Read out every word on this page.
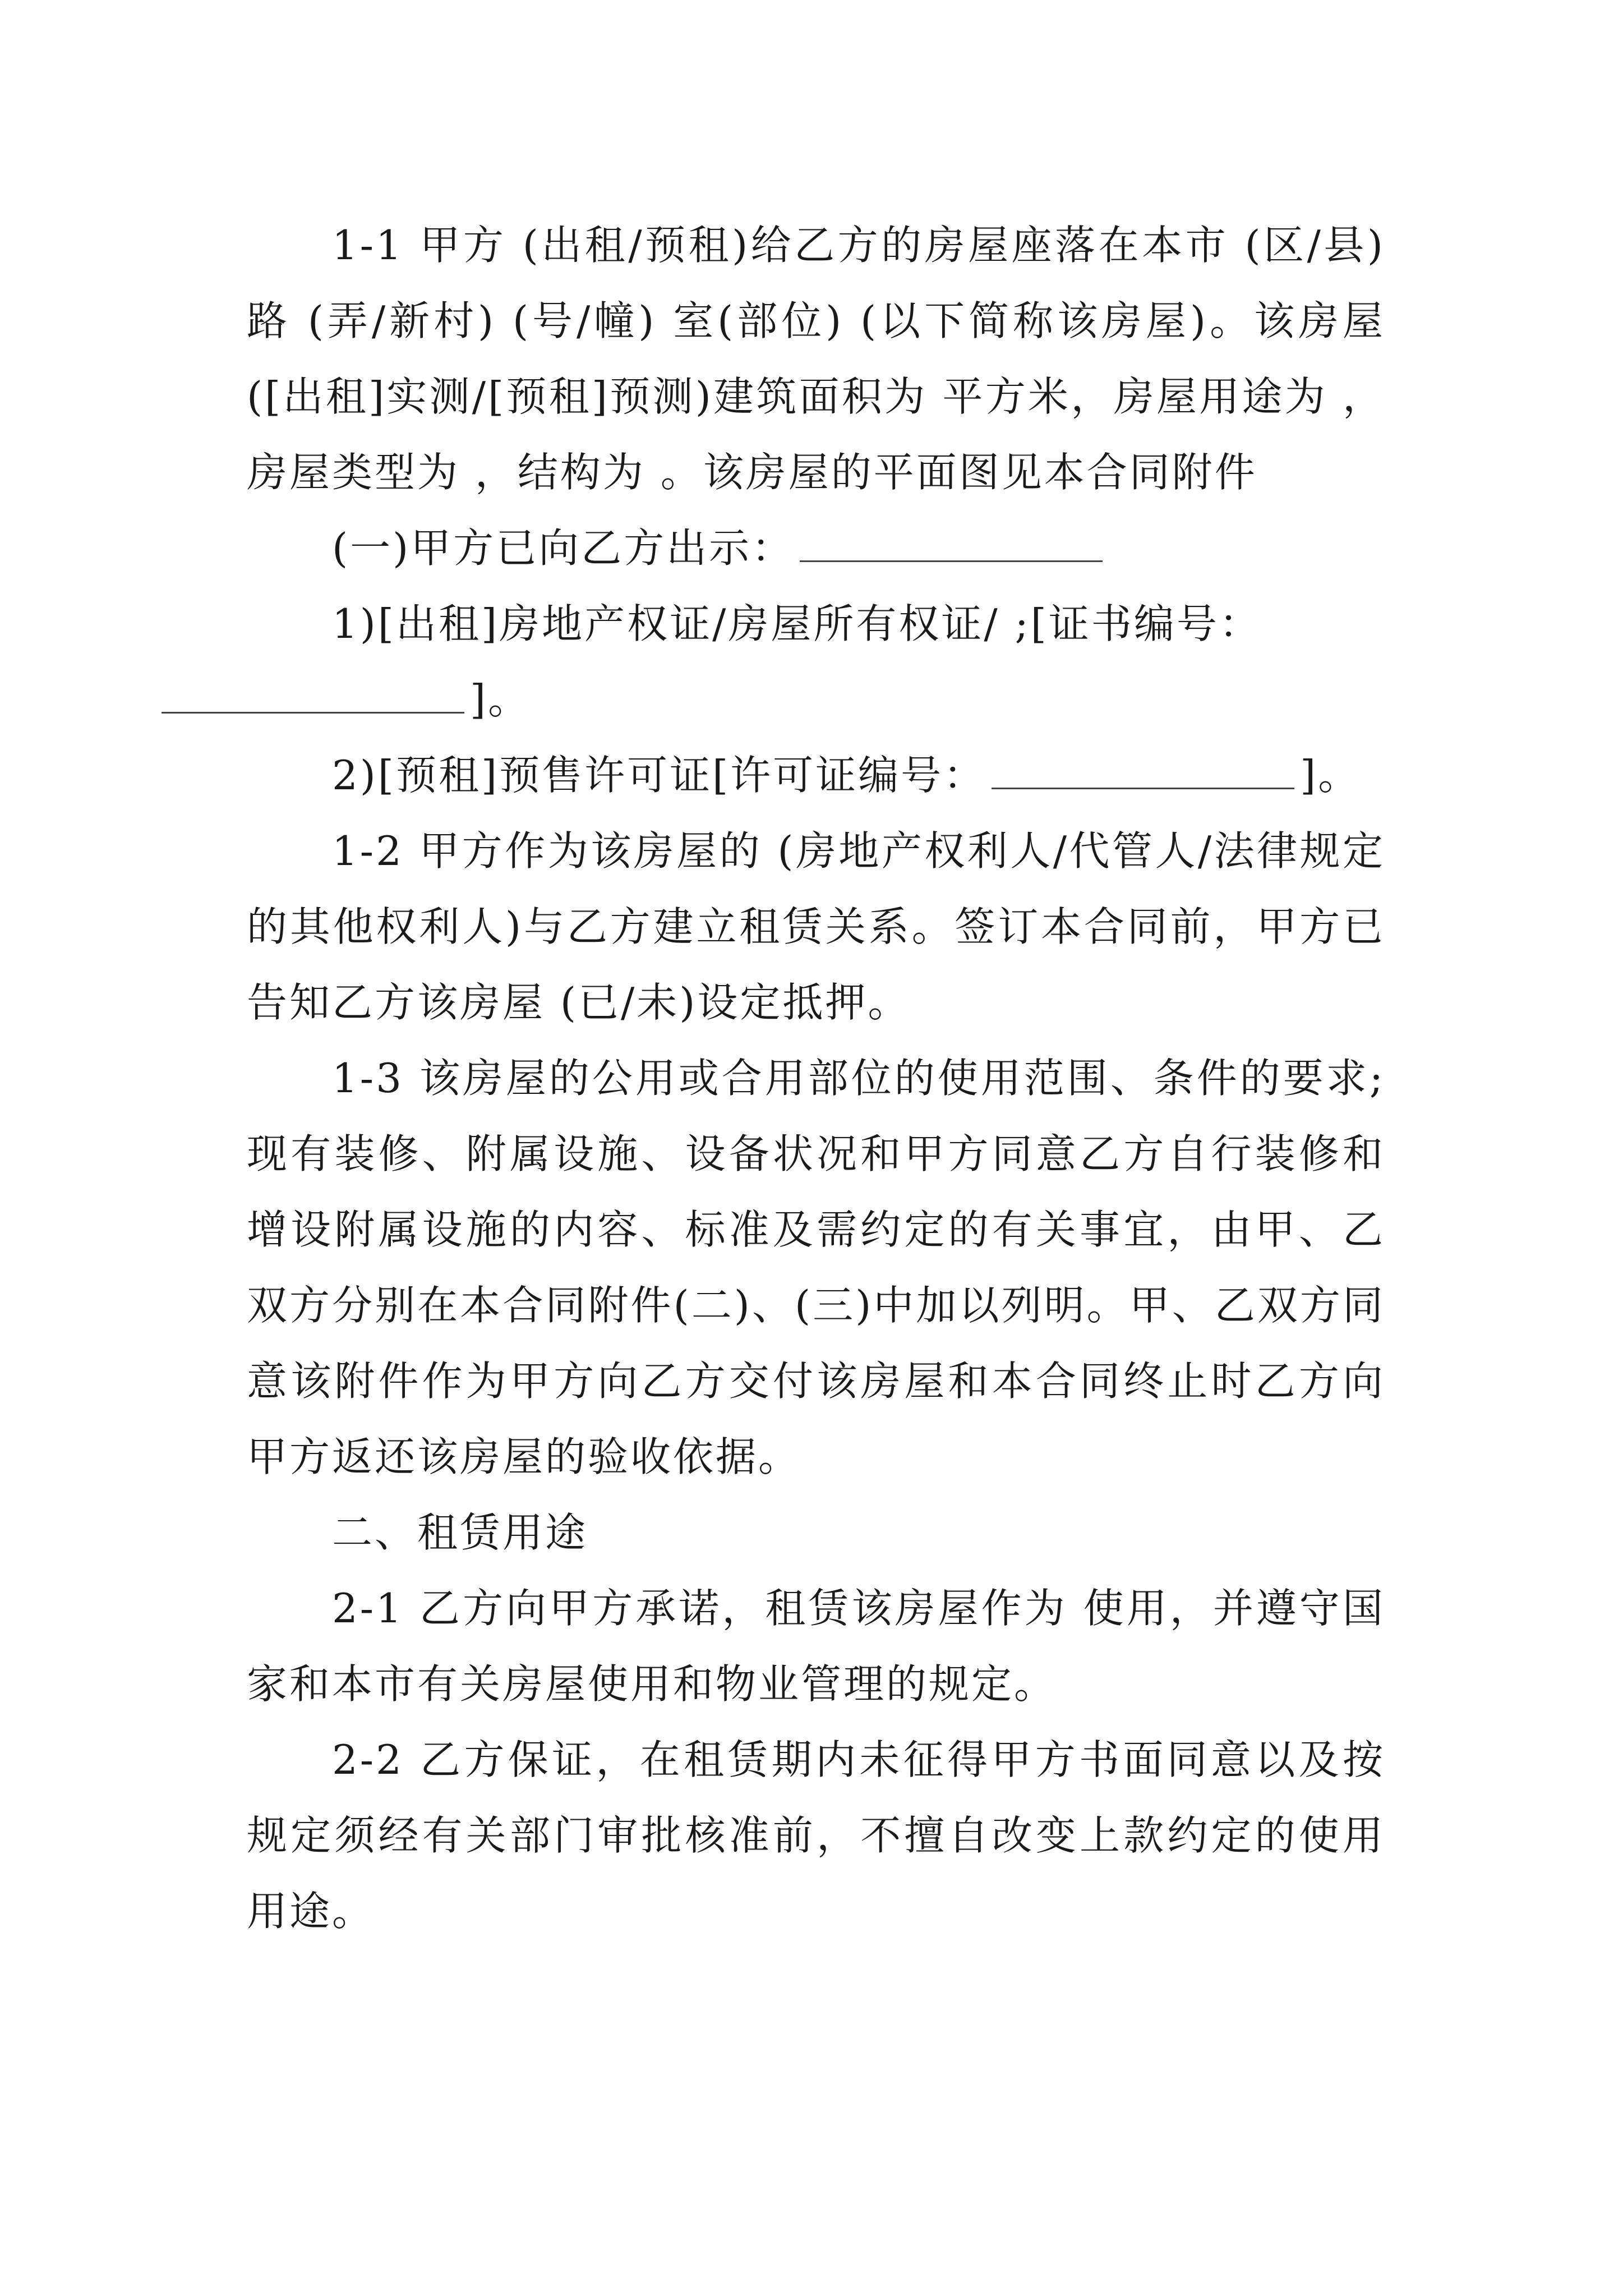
1-1 甲方 (出租/预租)给乙方的房屋座落在本市 (区/县) 路 (弄/新村) (号/幢) 室(部位) (以下简称该房屋)。该房屋 ([出租]实测/[预租]预测)建筑面积为 平方米，房屋用途为 ，房屋类型为 ，结构为 。该房屋的平面图见本合同附件

(一)甲方已向乙方出示：

1)[出租]房地产权证/房屋所有权证/ ;[证书编号：
]。

2)[预租]预售许可证[许可证编号：	]。

1-2 甲方作为该房屋的 (房地产权利人/代管人/法律规定的其他权利人)与乙方建立租赁关系。签订本合同前，甲方已告知乙方该房屋 (已/未)设定抵押。

1-3 该房屋的公用或合用部位的使用范围、条件的要求;现有装修、附属设施、设备状况和甲方同意乙方自行装修和增设附属设施的内容、标准及需约定的有关事宜，由甲、乙双方分别在本合同附件(二)、(三)中加以列明。甲、乙双方同意该附件作为甲方向乙方交付该房屋和本合同终止时乙方向甲方返还该房屋的验收依据。

二、租赁用途

2-1 乙方向甲方承诺，租赁该房屋作为 使用，并遵守国家和本市有关房屋使用和物业管理的规定。

2-2 乙方保证，在租赁期内未征得甲方书面同意以及按规定须经有关部门审批核准前，不擅自改变上款约定的使用用途。
